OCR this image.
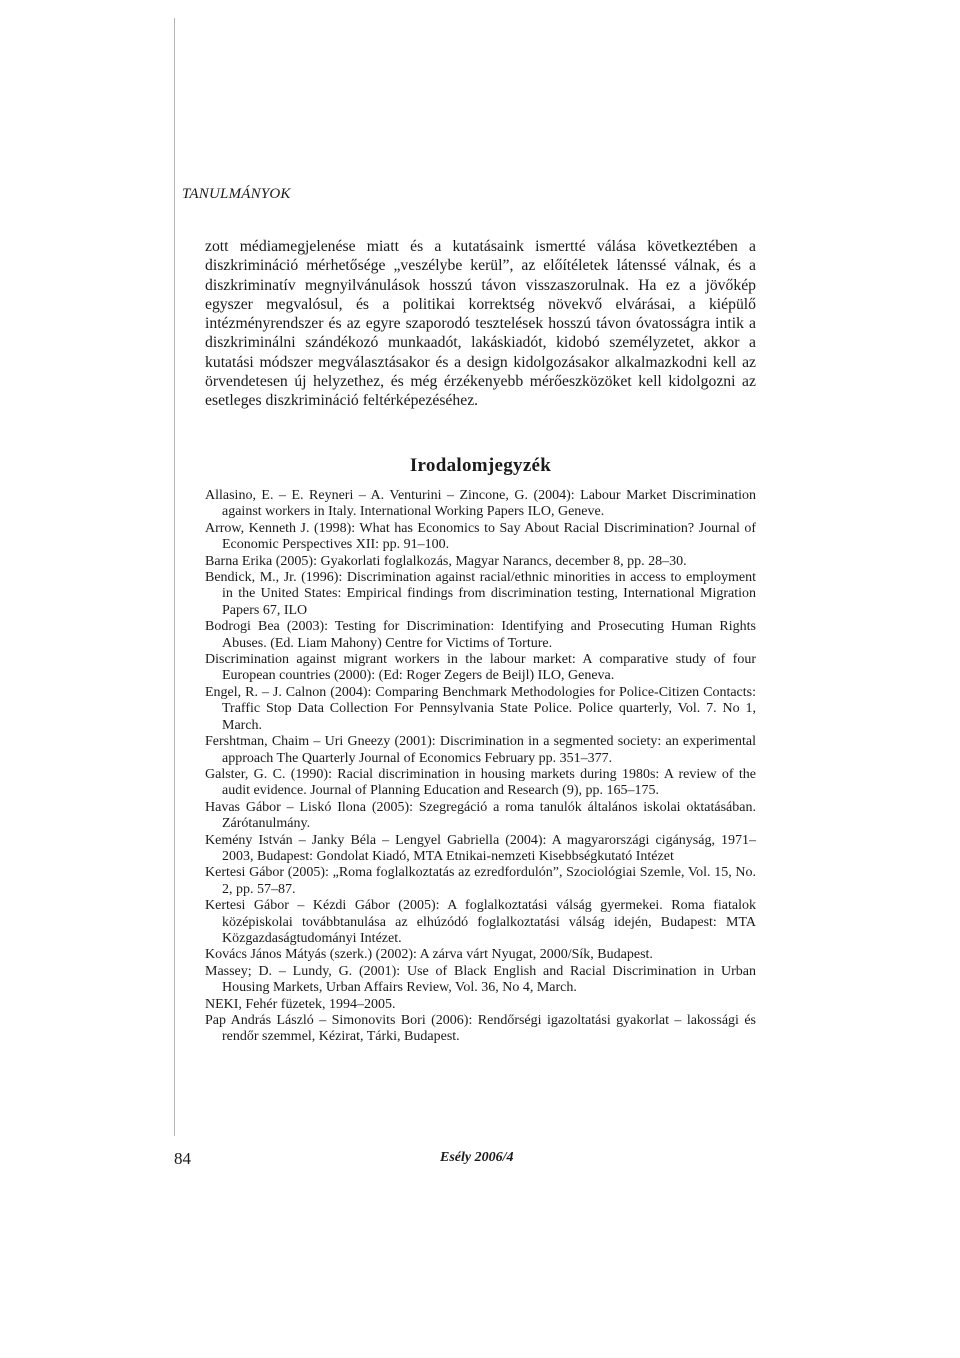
TANULMÁNYOK

zott médiamegjelenése miatt és a kutatásaink ismertté válása következtében a diszkrimináció mérhetősége „veszélybe kerül”, az előítéletek látenssé válnak, és a diszkriminatív megnyilvánulások hosszú távon visszaszorulnak. Ha ez a jövőkép egyszer megvalósul, és a politikai korrektség növekvő elvárásai, a kiépülő intézményrendszer és az egyre szaporodó tesztelések hosszú távon óvatosságra intik a diszkriminálni szándékozó munkaadót, lakáskiadót, kidobó személyzetet, akkor a kutatási módszer megválasztásakor és a design kidolgozásakor alkalmazkodni kell az örvendetesen új helyzethez, és még érzékenyebb mérőeszközöket kell kidolgozni az esetleges diszkrimináció feltérképezéséhez.

Irodalomjegyzék
Allasino, E. – E. Reyneri – A. Venturini – Zincone, G. (2004): Labour Market Discrimination against workers in Italy. International Working Papers ILO, Geneve.
Arrow, Kenneth J. (1998): What has Economics to Say About Racial Discrimination? Journal of Economic Perspectives XII: pp. 91–100.
Barna Erika (2005): Gyakorlati foglalkozás, Magyar Narancs, december 8, pp. 28–30.
Bendick, M., Jr. (1996): Discrimination against racial/ethnic minorities in access to employment in the United States: Empirical findings from discrimination testing, International Migration Papers 67, ILO
Bodrogi Bea (2003): Testing for Discrimination: Identifying and Prosecuting Human Rights Abuses. (Ed. Liam Mahony) Centre for Victims of Torture.
Discrimination against migrant workers in the labour market: A comparative study of four European countries (2000): (Ed: Roger Zegers de Beijl) ILO, Geneva.
Engel, R. – J. Calnon (2004): Comparing Benchmark Methodologies for Police-Citizen Contacts: Traffic Stop Data Collection For Pennsylvania State Police. Police quarterly, Vol. 7. No 1, March.
Fershtman, Chaim – Uri Gneezy (2001): Discrimination in a segmented society: an experimental approach The Quarterly Journal of Economics February pp. 351–377.
Galster, G. C. (1990): Racial discrimination in housing markets during 1980s: A review of the audit evidence. Journal of Planning Education and Research (9), pp. 165–175.
Havas Gábor – Liskó Ilona (2005): Szegregáció a roma tanulók általános iskolai oktatásában. Zárótanulmány.
Kemény István – Janky Béla – Lengyel Gabriella (2004): A magyarországi cigányság, 1971–2003, Budapest: Gondolat Kiadó, MTA Etnikai-nemzeti Kisebbségkutató Intézet
Kertesi Gábor (2005): „Roma foglalkoztatás az ezredfordulón”, Szociológiai Szemle, Vol. 15, No. 2, pp. 57–87.
Kertesi Gábor – Kézdi Gábor (2005): A foglalkoztatási válság gyermekei. Roma fiatalok középiskolai továbbtanulása az elhúzódó foglalkoztatási válság idején, Budapest: MTA Közgazdaságtudományi Intézet.
Kovács János Mátyás (szerk.) (2002): A zárva várt Nyugat, 2000/Sík, Budapest.
Massey; D. – Lundy, G. (2001): Use of Black English and Racial Discrimination in Urban Housing Markets, Urban Affairs Review, Vol. 36, No 4, March.
NEKI, Fehér füzetek, 1994–2005.
Pap András László – Simonovits Bori (2006): Rendőrségi igazoltatási gyakorlat – lakossági és rendőr szemmel, Kézirat, Tárki, Budapest.

84	Esély 2006/4
